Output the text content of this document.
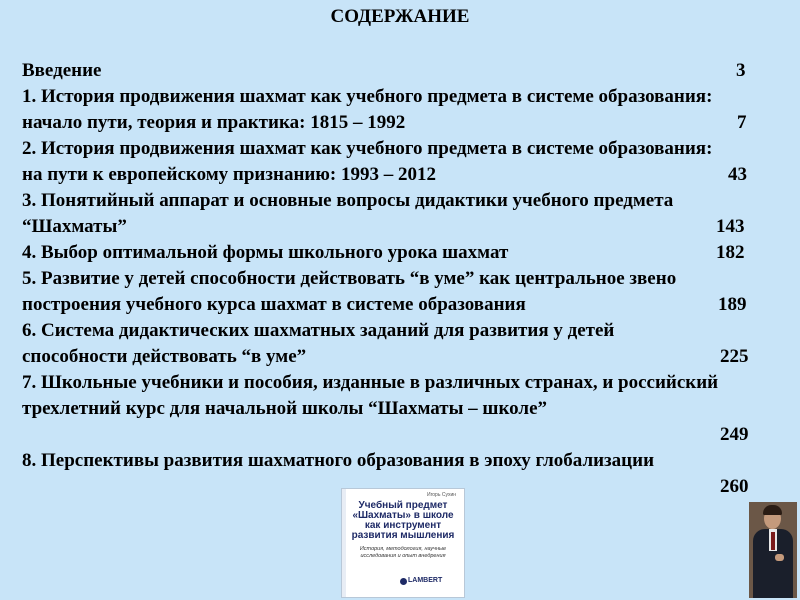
СОДЕРЖАНИЕ
Введение	3
1. История продвижения шахмат как учебного предмета в системе образования: начало пути, теория и практика: 1815 – 1992	7
2. История продвижения шахмат как учебного предмета в системе образования: на пути к европейскому признанию: 1993 – 2012	43
3. Понятийный аппарат и основные вопросы дидактики учебного предмета “Шахматы”	143
4. Выбор оптимальной формы школьного урока шахмат	182
5. Развитие у детей способности действовать “в уме” как центральное звено построения учебного курса шахмат в системе образования	189
6. Система дидактических шахматных заданий для развития у детей способности действовать “в уме”	225
7. Школьные учебники и пособия, изданные в различных странах, и российский трехлетний курс для начальной школы “Шахматы – школе”
249
8. Перспективы развития шахматного образования в эпоху глобализации
260
Игорь Сухин
Учебный предмет «Шахматы» в школе как инструмент развития мышления
История, методология, научные исследования и опыт внедрения
LAMBERT
